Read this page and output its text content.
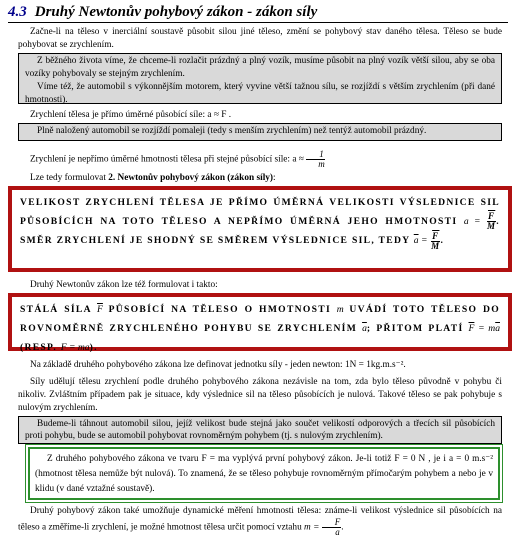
4.3 Druhý Newtonův pohybový zákon - zákon síly

Začne-li na těleso v inerciální soustavě působit silou jiné těleso, změní se pohybový stav daného tělesa. Těleso se bude pohybovat se zrychlením.

Z běžného života víme, že chceme-li rozlačit prázdný a plný vozík, musíme působit na plný vozík větší silou, aby se oba vozíky pohybovaly se stejným zrychlením.

Víme též, že automobil s výkonnějším motorem, který vyvine větší tažnou sílu, se rozjíždí s větším zrychlením (při dané hmotnosti).

Zrychlení tělesa je přímo úměrné působící síle: a ≈ F .

Plně naložený automobil se rozjíždí pomaleji (tedy s menším zrychlením) než tentýž automobil prázdný.

Zrychlení je nepřímo úměrné hmotnosti tělesa při stejné působící síle: $a \approx \frac{1}{m}$

Lze tedy formulovat 2. Newtonův pohybový zákon (zákon síly):

VELIKOST ZRYCHLENÍ TĚLESA JE PŘÍMO ÚMĚRNÁ VELIKOSTI VÝSLEDNICE SIL PŮSOBÍCÍCH NA TOTO TĚLESO A NEPŘÍMO ÚMĚRNÁ JEHO HMOTNOSTI $a = \frac{\overline{F}}{M}$ . SMĚR ZRYCHLENÍ JE SHODNÝ SE SMĚREM VÝSLEDNICE SIL, TEDY $\overline{a} = \frac{\overline{F}}{M}$ .

Druhý Newtonův zákon lze též formulovat i takto:

STÁLÁ SÍLA $\overline{F}$ PŮSOBÍCÍ NA TĚLESO O HMOTNOSTI m UVÁDÍ TOTO TĚLESO DO ROVNOMĚRNĚ ZRYCHLENÉHO POHYBU SE ZRYCHLENÍM $\overline{a}$; PŘITOM PLATÍ $\overline{F} = m\overline{a}$ (RESP. F = ma).

Na základě druhého pohybového zákona lze definovat jednotku síly - jeden newton: 1N = 1kg.m.s⁻².

Síly udělují tělesu zrychlení podle druhého pohybového zákona nezávisle na tom, zda bylo těleso původně v pohybu či nikoliv. Zvláštním případem pak je situace, kdy výslednice sil na těleso působících je nulová. Takové těleso se pak pohybuje s nulovým zrychlením.

Budeme-li táhnout automobil silou, jejíž velikost bude stejná jako součet velikostí odporových a třecích sil působících proti pohybu, bude se automobil pohybovat rovnoměrným pohybem (tj. s nulovým zrychlením).

Z druhého pohybového zákona ve tvaru F = ma vyplývá první pohybový zákon. Je-li totiž F = 0 N , je i a = 0 m.s⁻² (hmotnost tělesa nemůže být nulová). To znamená, že se těleso pohybuje rovnoměrným přímočarým pohybem a nebo je v klidu (v dané vztažné soustavě).

Druhý pohybový zákon také umožňuje dynamické měření hmotnosti tělesa: známe-li velikost výslednice sil působících na těleso a změříme-li zrychlení, je možné hmotnost tělesa určit pomocí vztahu $m = \frac{F}{a}$ .
